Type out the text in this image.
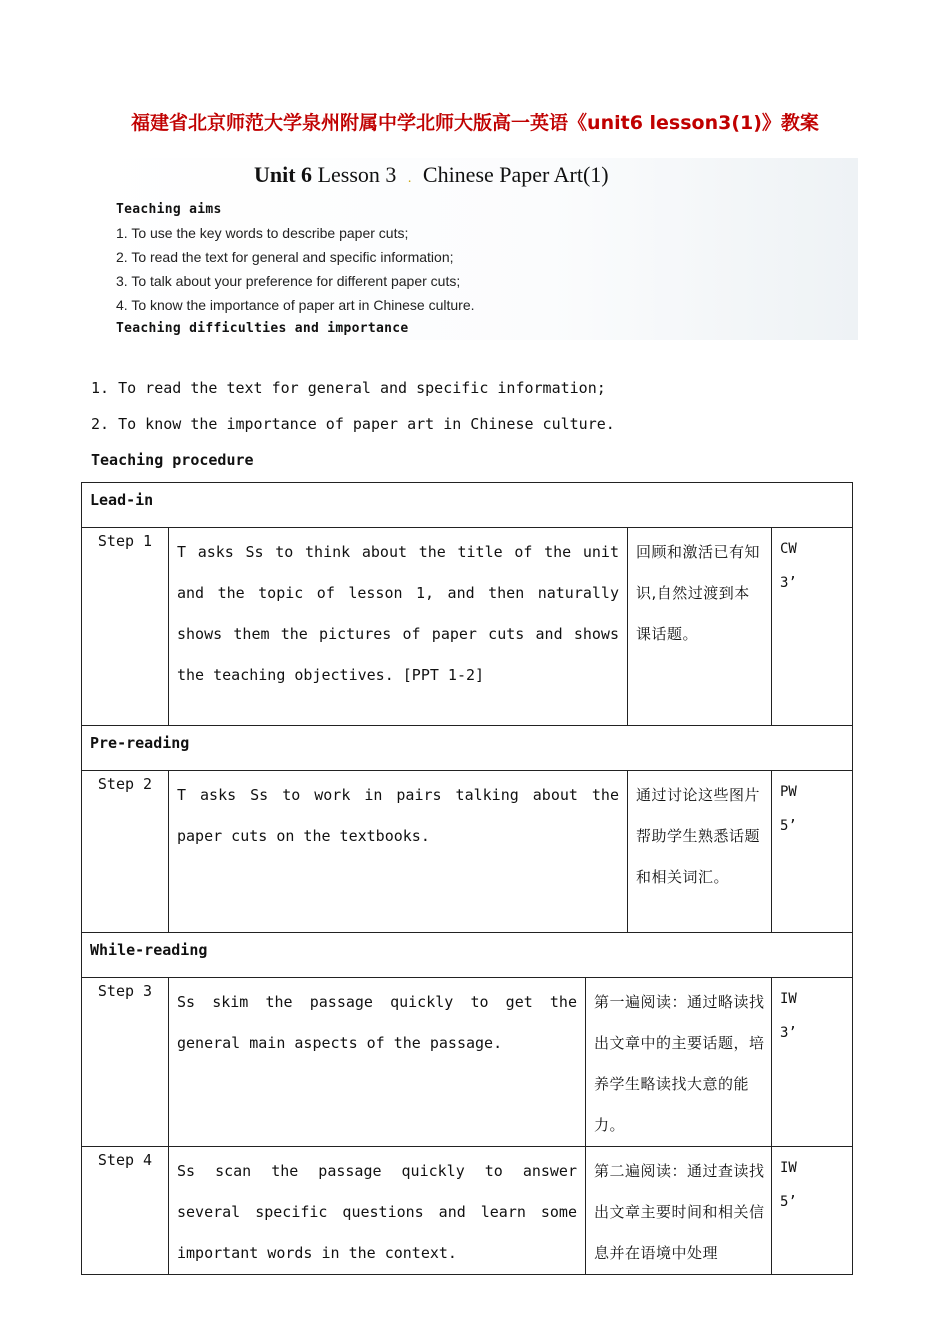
福建省北京师范大学泉州附属中学北师大版高一英语《unit6 lesson3(1)》教案
Unit 6 Lesson 3 . Chinese Paper Art(1)
Teaching aims
1. To use the key words to describe paper cuts;
2. To read the text for general and specific information;
3. To talk about your preference for different paper cuts;
4. To know the importance of paper art in Chinese culture.
Teaching difficulties and importance
1. To read the text for general and specific information;
2. To know the importance of paper art in Chinese culture.
Teaching procedure
Lead-in				
Step 1	T asks Ss to think about the title of the unit and the topic of lesson 1, and then naturally shows them the pictures of paper cuts and shows the teaching objectives. [PPT 1-2]		回顾和激活已有知识,自然过渡到本课话题。	CW
3’

Pre-reading				
Step 2	T asks Ss to work in pairs talking about the paper cuts on the textbooks.		通过讨论这些图片帮助学生熟悉话题和相关词汇。	PW
5’

While-reading				
Step 3	Ss skim the passage quickly to get the general main aspects of the passage.	第一遍阅读：通过略读找出文章中的主要话题，培养学生略读找大意的能力。		IW
3’

Step 4	Ss scan the passage quickly to answer several specific questions and learn some important words in the context.	第二遍阅读：通过查读找出文章主要时间和相关信息并在语境中处理		IW
5’
